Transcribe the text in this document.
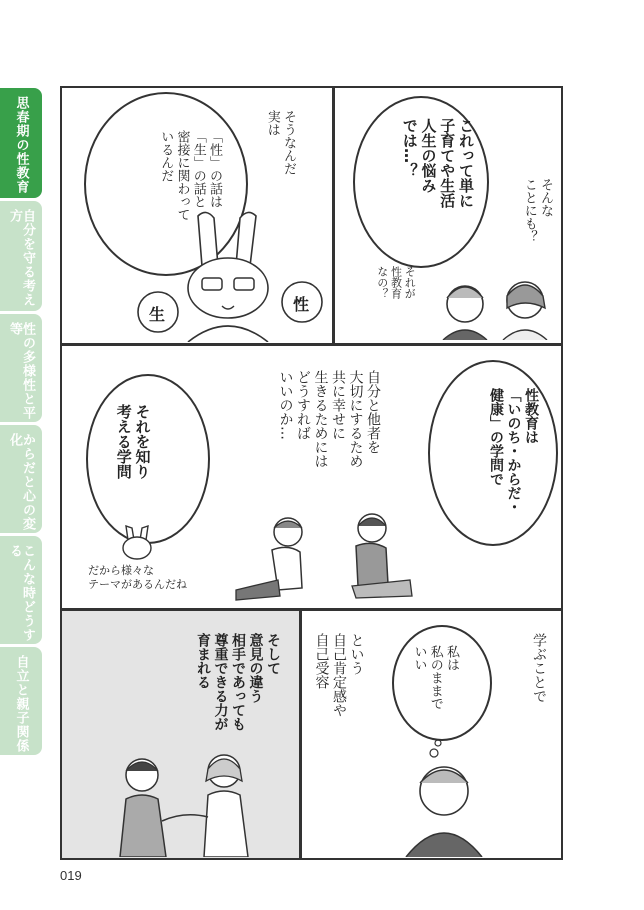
思春期の性教育
自分を守る考え方
性の多様性と平等
からだと心の変化
こんな時どうする
自立と親子関係
これって単に
子育てや生活
人生の悩み
では…？
そんな
ことにも？
それが
性教育
なの？
そうなんだ
実は
「性」の話は
「生」の話と
密接に関わって
いるんだ
生
性
性教育は
「いのち・からだ・
健康」の学問で
自分と他者を
大切にするため
共に幸せに
生きるためには
どうすれば
いいのか…
それを知り
考える学問
だから様々な
テーマがあるんだね
学ぶことで
私は
私のままで
いい
という
自己肯定感や
自己受容
そして
意見の違う
相手であっても
尊重できる力が
育まれる
019
